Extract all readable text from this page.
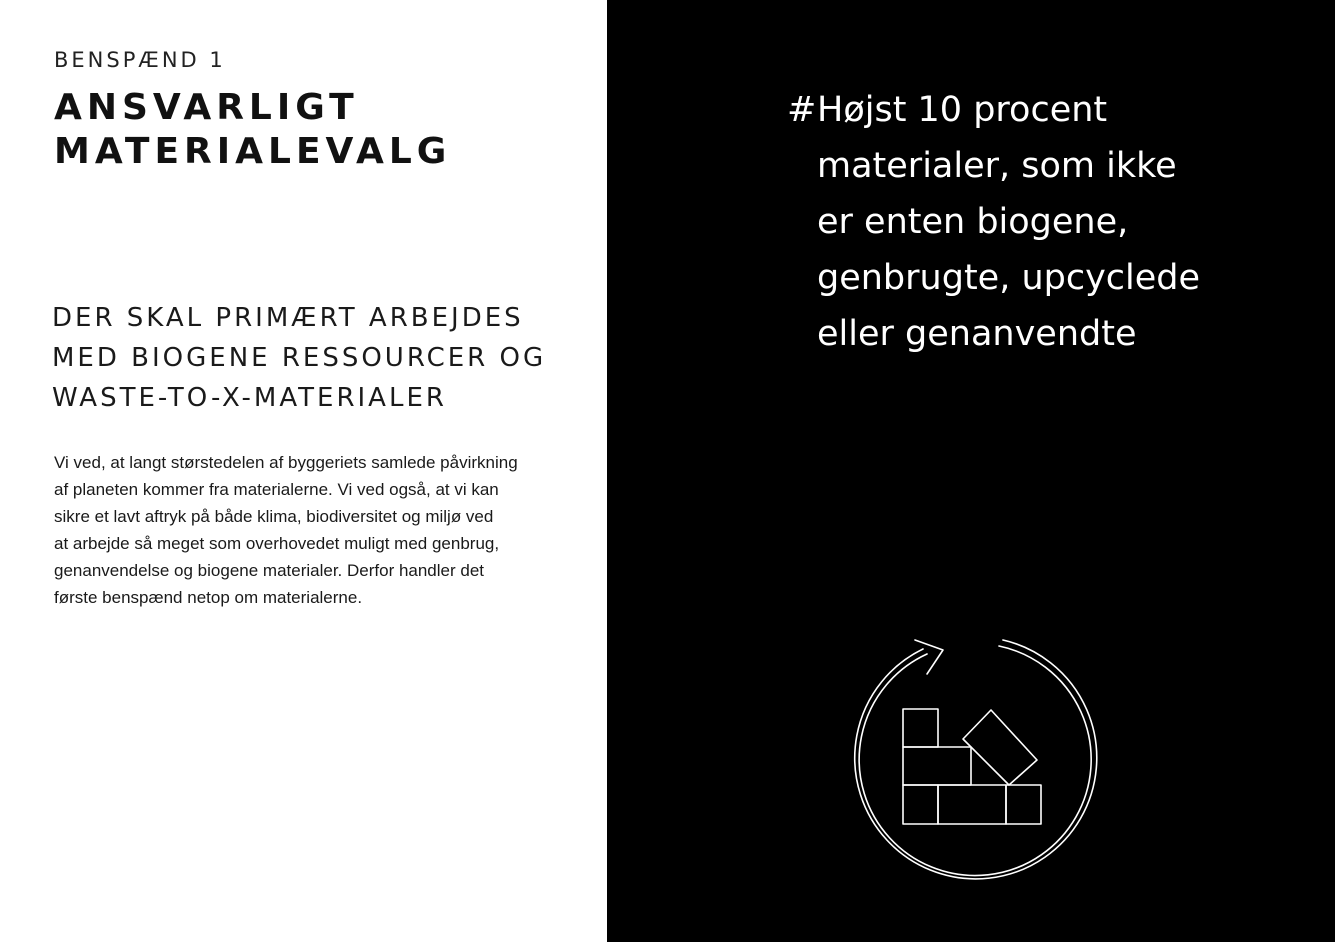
BENSPÆND 1

ANSVARLIGT
MATERIALEVALG
DER SKAL PRIMÆRT ARBEJDES
MED BIOGENE RESSOURCER OG
WASTE-TO-X-MATERIALER

Vi ved, at langt størstedelen af byggeriets samlede påvirkning
af planeten kommer fra materialerne. Vi ved også, at vi kan
sikre et lavt aftryk på både klima, biodiversitet og miljø ved
at arbejde så meget som overhovedet muligt med genbrug,
genanvendelse og biogene materialer. Derfor handler det
første benspænd netop om materialerne.

# Højst 10 procent
materialer, som ikke
er enten biogene,
genbrugte, upcyclede
eller genanvendte
